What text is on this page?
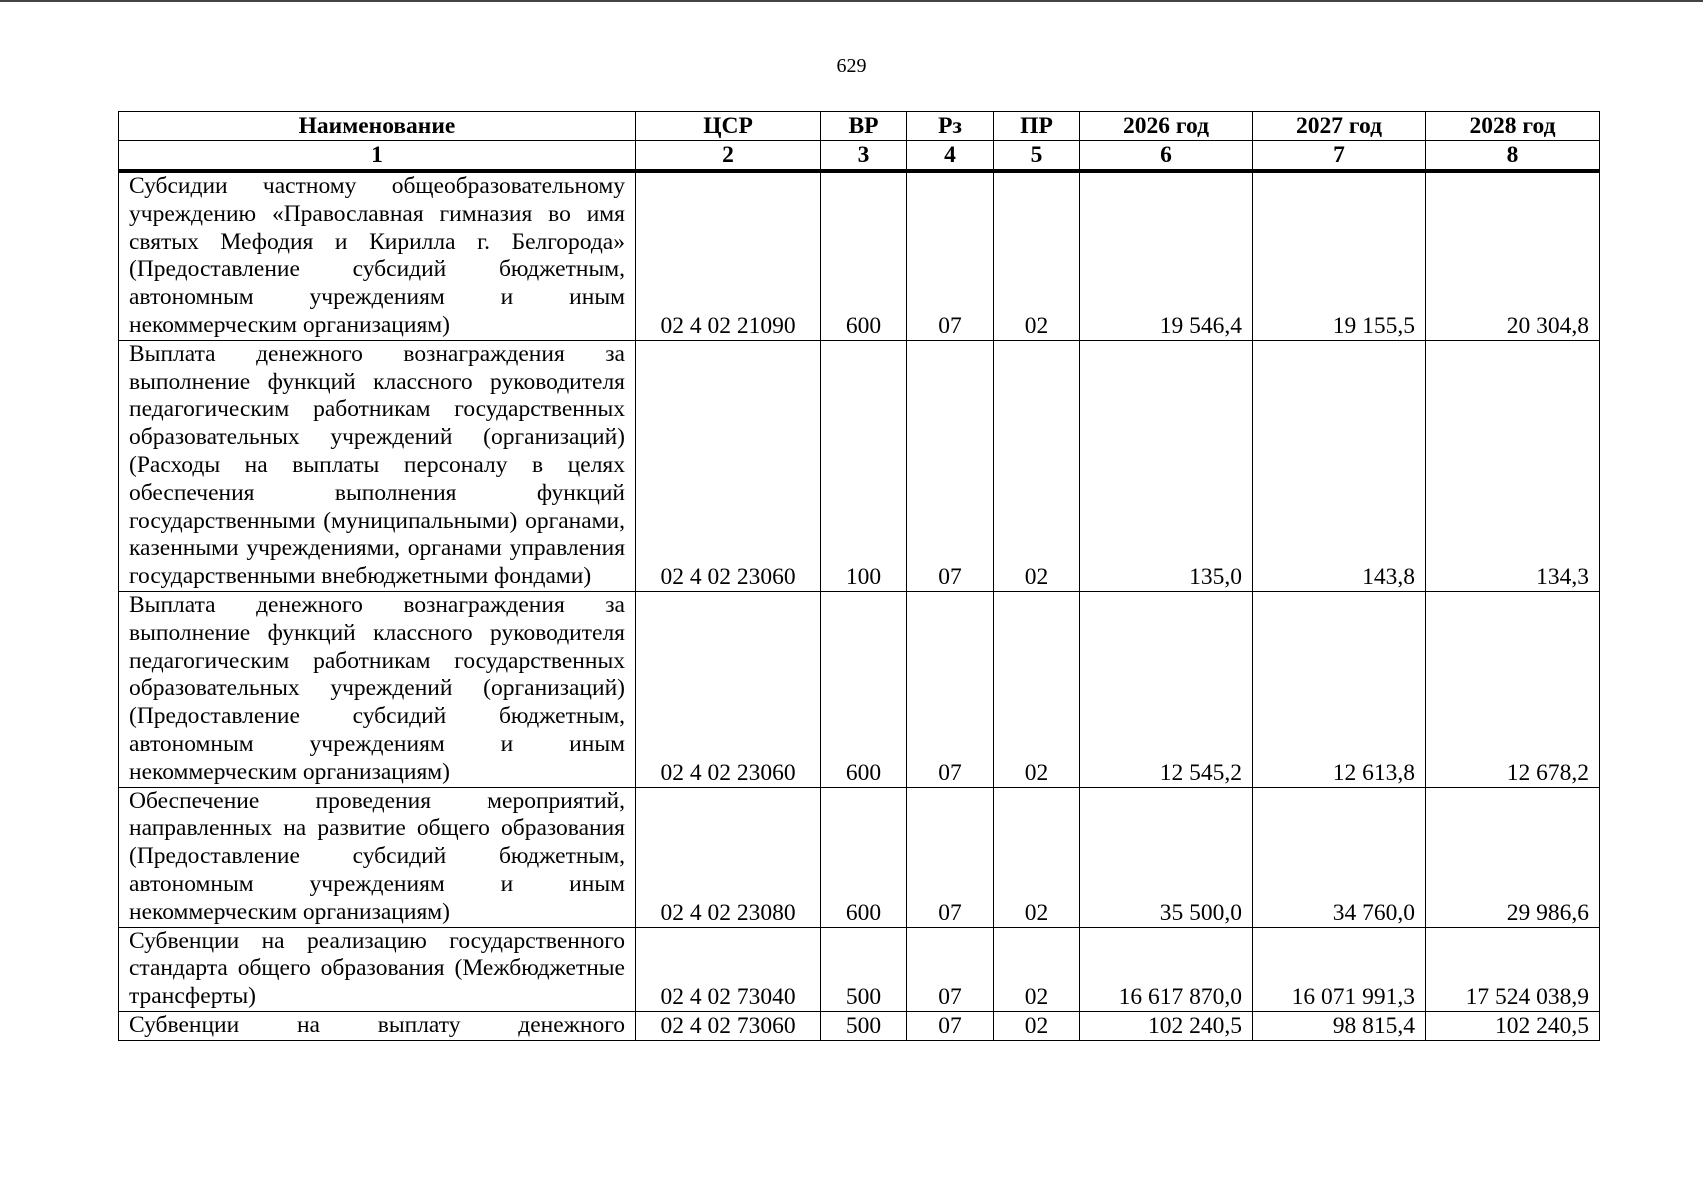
629
Наименование	ЦСР	ВР	Рз	ПР	2026 год	2027 год	2028 год
1	2	3	4	5	6	7	8
Субсидии частному общеобразовательному учреждению «Православная гимназия во имя святых Мефодия и Кирилла г. Белгорода» (Предоставление субсидий бюджетным, автономным учреждениям и иным некоммерческим организациям)	02 4 02 21090	600	07	02	19 546,4	19 155,5	20 304,8
Выплата денежного вознаграждения за выполнение функций классного руководителя педагогическим работникам государственных образовательных учреждений (организаций) (Расходы на выплаты персоналу в целях обеспечения выполнения функций государственными (муниципальными) органами, казенными учреждениями, органами управления государственными внебюджетными фондами)	02 4 02 23060	100	07	02	135,0	143,8	134,3
Выплата денежного вознаграждения за выполнение функций классного руководителя педагогическим работникам государственных образовательных учреждений (организаций) (Предоставление субсидий бюджетным, автономным учреждениям и иным некоммерческим организациям)	02 4 02 23060	600	07	02	12 545,2	12 613,8	12 678,2
Обеспечение проведения мероприятий, направленных на развитие общего образования (Предоставление субсидий бюджетным, автономным учреждениям и иным некоммерческим организациям)	02 4 02 23080	600	07	02	35 500,0	34 760,0	29 986,6
Субвенции на реализацию государственного стандарта общего образования (Межбюджетные трансферты)	02 4 02 73040	500	07	02	16 617 870,0	16 071 991,3	17 524 038,9
Субвенции на выплату денежного	02 4 02 73060	500	07	02	102 240,5	98 815,4	102 240,5
